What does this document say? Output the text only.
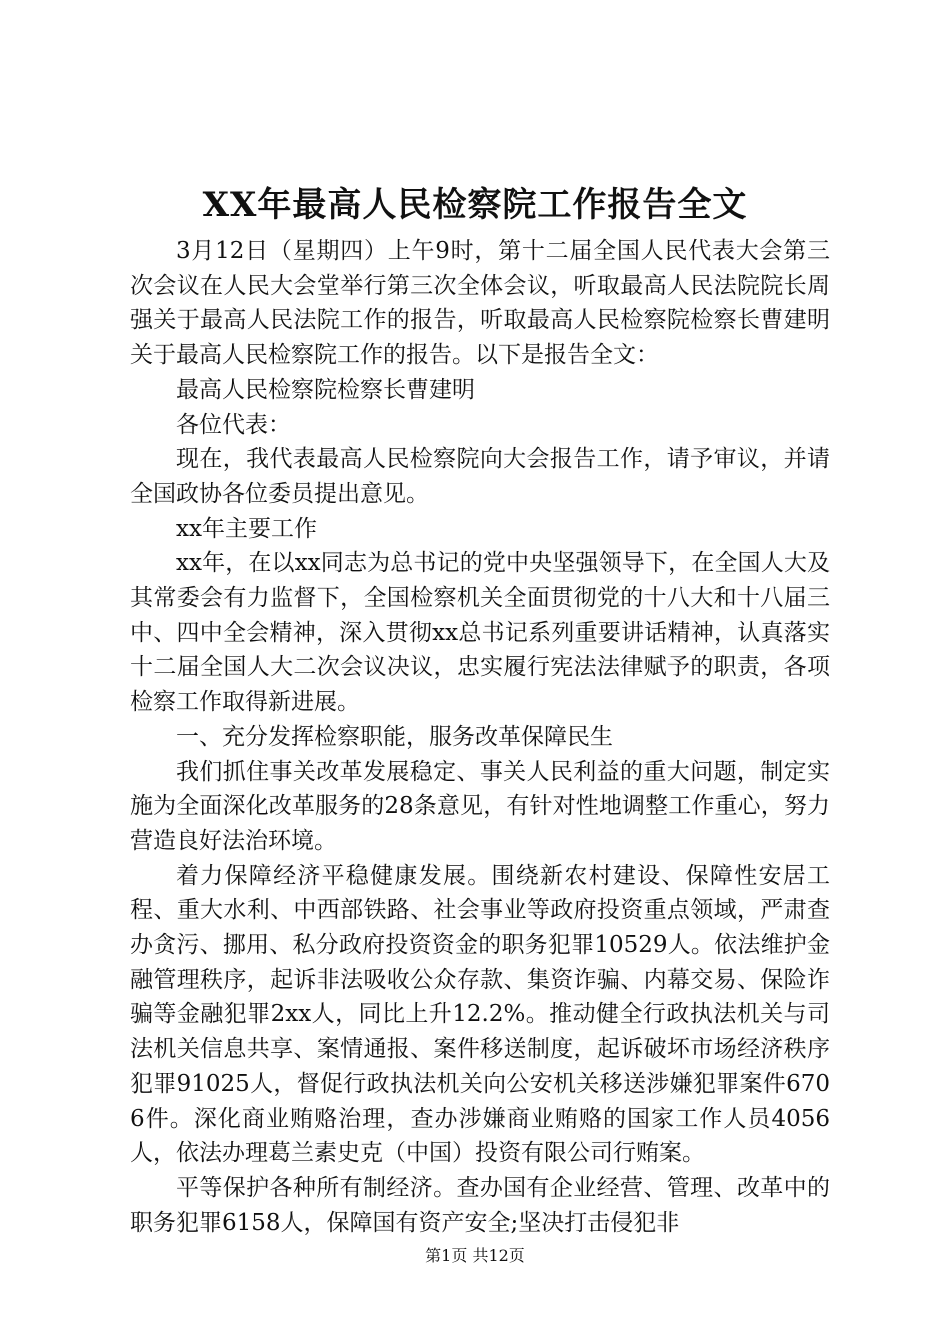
XX年最高人民检察院工作报告全文

3月12日（星期四）上午9时，第十二届全国人民代表大会第三次会议在人民大会堂举行第三次全体会议，听取最高人民法院院长周强关于最高人民法院工作的报告，听取最高人民检察院检察长曹建明关于最高人民检察院工作的报告。以下是报告全文：

最高人民检察院检察长曹建明

各位代表：

现在，我代表最高人民检察院向大会报告工作，请予审议，并请全国政协各位委员提出意见。

xx年主要工作

xx年，在以xx同志为总书记的党中央坚强领导下，在全国人大及其常委会有力监督下，全国检察机关全面贯彻党的十八大和十八届三中、四中全会精神，深入贯彻xx总书记系列重要讲话精神，认真落实十二届全国人大二次会议决议，忠实履行宪法法律赋予的职责，各项检察工作取得新进展。

一、充分发挥检察职能，服务改革保障民生

我们抓住事关改革发展稳定、事关人民利益的重大问题，制定实施为全面深化改革服务的28条意见，有针对性地调整工作重心，努力营造良好法治环境。

着力保障经济平稳健康发展。围绕新农村建设、保障性安居工程、重大水利、中西部铁路、社会事业等政府投资重点领域，严肃查办贪污、挪用、私分政府投资资金的职务犯罪10529人。依法维护金融管理秩序，起诉非法吸收公众存款、集资诈骗、内幕交易、保险诈骗等金融犯罪2xx人，同比上升12.2%。推动健全行政执法机关与司法机关信息共享、案情通报、案件移送制度，起诉破坏市场经济秩序犯罪91025人，督促行政执法机关向公安机关移送涉嫌犯罪案件6706件。深化商业贿赂治理，查办涉嫌商业贿赂的国家工作人员4056人，依法办理葛兰素史克（中国）投资有限公司行贿案。

平等保护各种所有制经济。查办国有企业经营、管理、改革中的职务犯罪6158人，保障国有资产安全;坚决打击侵犯非

第1页 共12页
